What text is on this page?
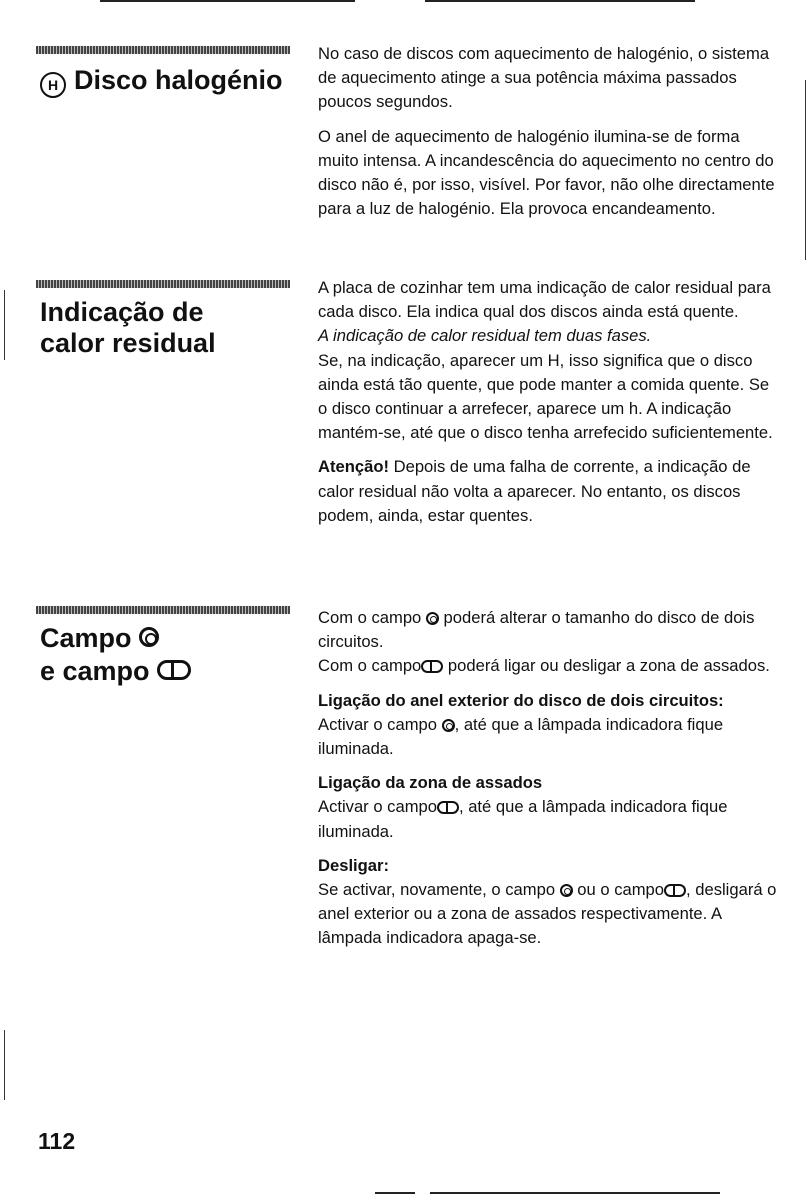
H Disco halogénio

No caso de discos com aquecimento de halogénio, o sistema de aquecimento atinge a sua potência máxima passados poucos segundos.

O anel de aquecimento de halogénio ilumina-se de forma muito intensa. A incandescência do aquecimento no centro do disco não é, por isso, visível. Por favor, não olhe directamente para a luz de halogénio. Ela provoca encandeamento.

Indicação de
calor residual

A placa de cozinhar tem uma indicação de calor residual para cada disco. Ela indica qual dos discos ainda está quente.
A indicação de calor residual tem duas fases.
Se, na indicação, aparecer um H, isso significa que o disco ainda está tão quente, que pode manter a comida quente. Se o disco continuar a arrefecer, aparece um h. A indicação mantém-se, até que o disco tenha arrefecido suficientemente.

Atenção! Depois de uma falha de corrente, a indicação de calor residual não volta a aparecer. No entanto, os discos podem, ainda, estar quentes.

Campo
e campo

Com o campo  poderá alterar o tamanho do disco de dois circuitos.

Com o campo poderá ligar ou desligar a zona de assados.

Ligação do anel exterior do disco de dois circuitos:
Activar o campo , até que a lâmpada indicadora fique iluminada.

Ligação da zona de assados
Activar o campo , até que a lâmpada indicadora fique iluminada.

Desligar:
Se activar, novamente, o campo  ou o campo , desligará o anel exterior ou a zona de assados respectivamente. A lâmpada indicadora apaga-se.

112
